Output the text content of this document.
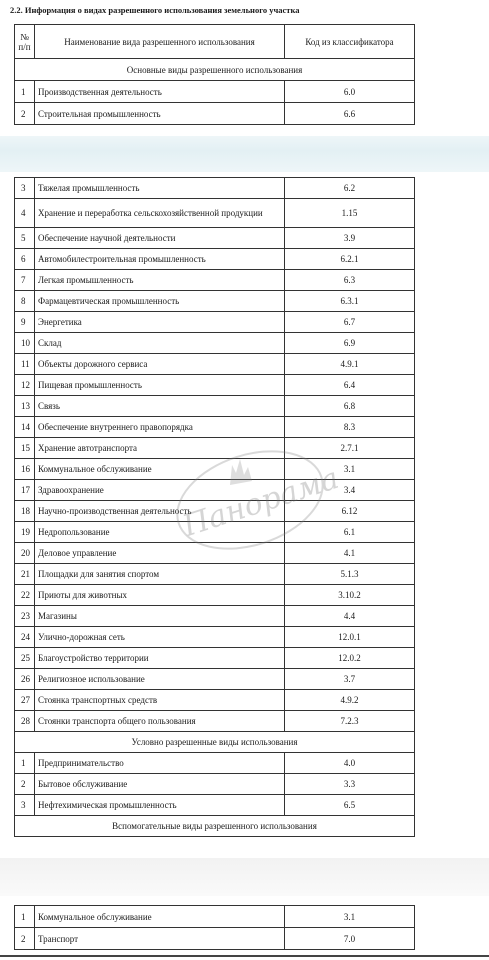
2.2. Информация о видах разрешенного использования земельного участка
№ п/п	Наименование вида разрешенного использования	Код из классификатора
Основные виды разрешенного использования		
1	Производственная деятельность	6.0
2	Строительная промышленность	6.6
3	Тяжелая промышленность	6.2
4	Хранение и переработка сельскохозяйственной продукции	1.15
5	Обеспечение научной деятельности	3.9
6	Автомобилестроительная промышленность	6.2.1
7	Легкая промышленность	6.3
8	Фармацевтическая промышленность	6.3.1
9	Энергетика	6.7
10	Склад	6.9
11	Объекты дорожного сервиса	4.9.1
12	Пищевая промышленность	6.4
13	Связь	6.8
14	Обеспечение внутреннего правопорядка	8.3
15	Хранение автотранспорта	2.7.1
16	Коммунальное обслуживание	3.1
17	Здравоохранение	3.4
18	Научно-производственная деятельность	6.12
19	Недропользование	6.1
20	Деловое управление	4.1
21	Площадки для занятия спортом	5.1.3
22	Приюты для животных	3.10.2
23	Магазины	4.4
24	Улично-дорожная сеть	12.0.1
25	Благоустройство территории	12.0.2
26	Религиозное использование	3.7
27	Стоянка транспортных средств	4.9.2
28	Стоянки транспорта общего пользования	7.2.3
Условно разрешенные виды использования		
1	Предпринимательство	4.0
2	Бытовое обслуживание	3.3
3	Нефтехимическая промышленность	6.5
Вспомогательные виды разрешенного использования		
1	Коммунальное обслуживание	3.1
2	Транспорт	7.0
Панорама
